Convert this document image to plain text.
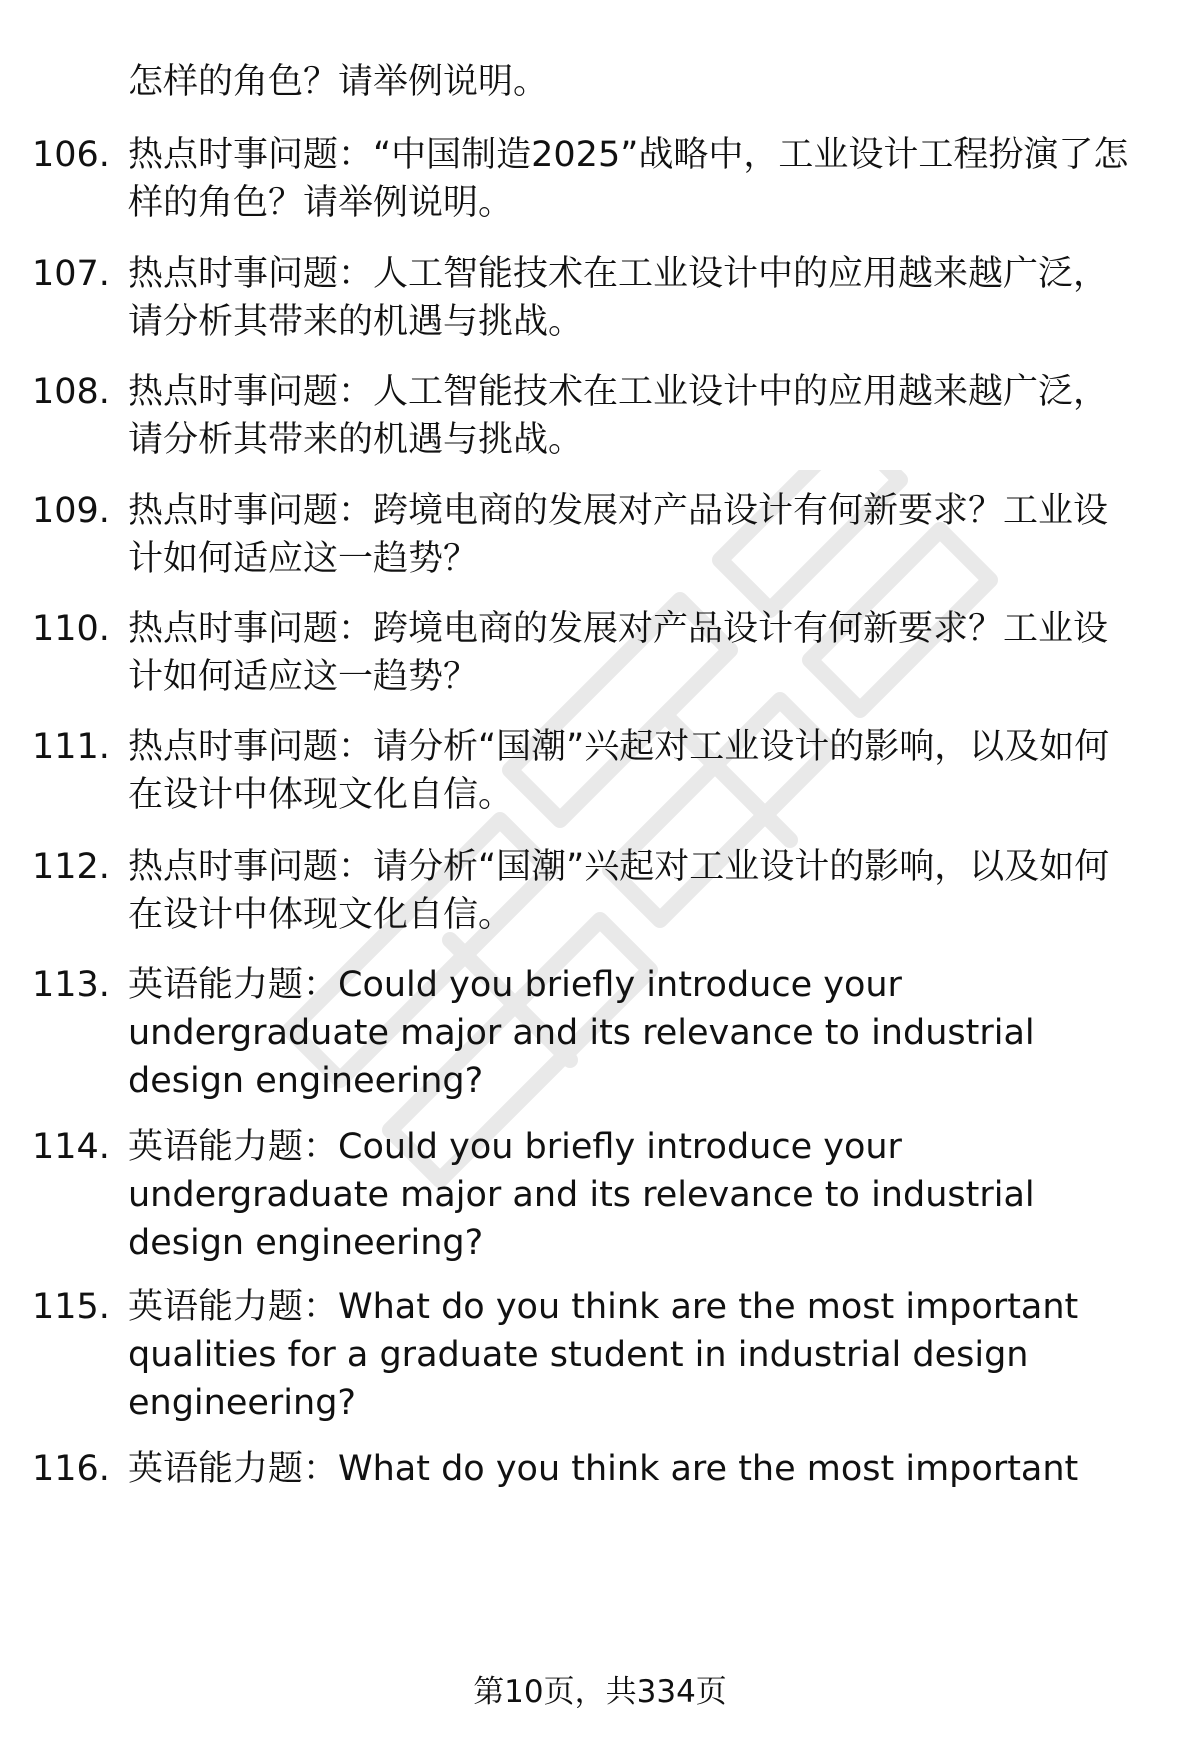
怎样的角色？请举例说明。

106. 热点时事问题：“中国制造2025”战略中，工业设计工程扮演了怎样的角色？请举例说明。
107. 热点时事问题：人工智能技术在工业设计中的应用越来越广泛，请分析其带来的机遇与挑战。
108. 热点时事问题：人工智能技术在工业设计中的应用越来越广泛，请分析其带来的机遇与挑战。
109. 热点时事问题：跨境电商的发展对产品设计有何新要求？工业设计如何适应这一趋势？
110. 热点时事问题：跨境电商的发展对产品设计有何新要求？工业设计如何适应这一趋势？
111. 热点时事问题：请分析“国潮”兴起对工业设计的影响，以及如何在设计中体现文化自信。
112. 热点时事问题：请分析“国潮”兴起对工业设计的影响，以及如何在设计中体现文化自信。
113. 英语能力题：Could you briefly introduce your undergraduate major and its relevance to industrial design engineering?
114. 英语能力题：Could you briefly introduce your undergraduate major and its relevance to industrial design engineering?
115. 英语能力题：What do you think are the most important qualities for a graduate student in industrial design engineering?
116. 英语能力题：What do you think are the most important
第10页，共334页
